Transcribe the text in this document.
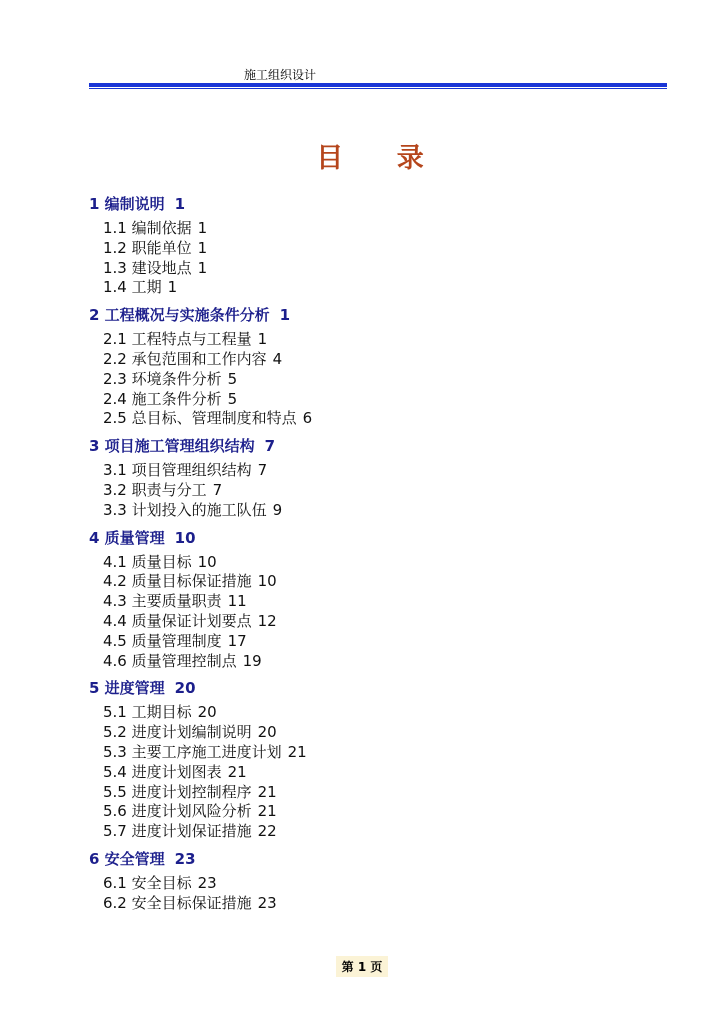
施工组织设计
目 录
1 编制说明 1
1.1 编制依据 1
1.2 职能单位 1
1.3 建设地点 1
1.4 工期 1
2 工程概况与实施条件分析 1
2.1 工程特点与工程量 1
2.2 承包范围和工作内容 4
2.3 环境条件分析 5
2.4 施工条件分析 5
2.5 总目标、管理制度和特点 6
3 项目施工管理组织结构 7
3.1 项目管理组织结构 7
3.2 职责与分工 7
3.3 计划投入的施工队伍 9
4 质量管理 10
4.1 质量目标 10
4.2 质量目标保证措施 10
4.3 主要质量职责 11
4.4 质量保证计划要点 12
4.5 质量管理制度 17
4.6 质量管理控制点 19
5 进度管理 20
5.1 工期目标 20
5.2 进度计划编制说明 20
5.3 主要工序施工进度计划 21
5.4 进度计划图表 21
5.5 进度计划控制程序 21
5.6 进度计划风险分析 21
5.7 进度计划保证措施 22
6 安全管理 23
6.1 安全目标 23
6.2 安全目标保证措施 23
第 1 页
